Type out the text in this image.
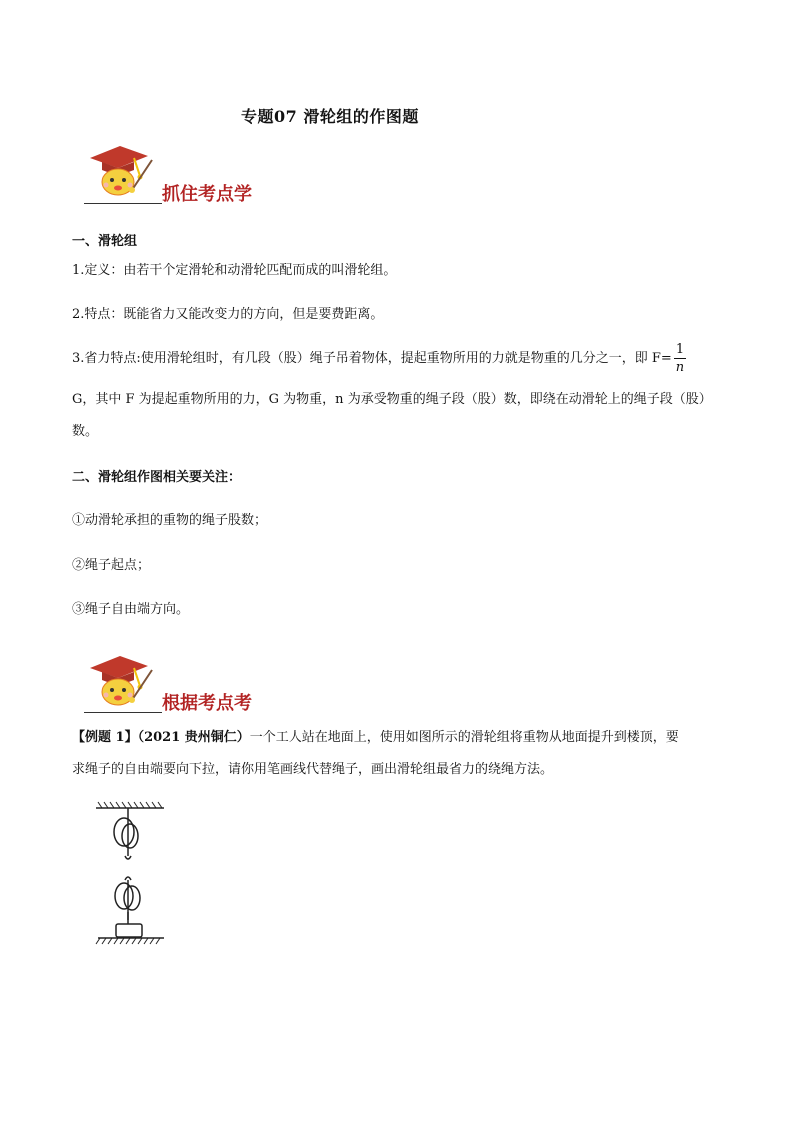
专题07 滑轮组的作图题
抓住考点学
一、滑轮组
1.定义：由若干个定滑轮和动滑轮匹配而成的叫滑轮组。
2.特点：既能省力又能改变力的方向，但是要费距离。
3.省力特点:使用滑轮组时，有几段（股）绳子吊着物体，提起重物所用的力就是物重的几分之一，即 $F= \frac{1}{n}$
G，其中 F 为提起重物所用的力，G 为物重，n 为承受物重的绳子段（股）数，即绕在动滑轮上的绳子段（股）
数。
二、滑轮组作图相关要关注：
①动滑轮承担的重物的绳子股数；
②绳子起点；
③绳子自由端方向。
根据考点考
【例题 1】（2021 贵州铜仁）一个工人站在地面上，使用如图所示的滑轮组将重物从地面提升到楼顶，要
求绳子的自由端要向下拉，请你用笔画线代替绳子，画出滑轮组最省力的绕绳方法。
